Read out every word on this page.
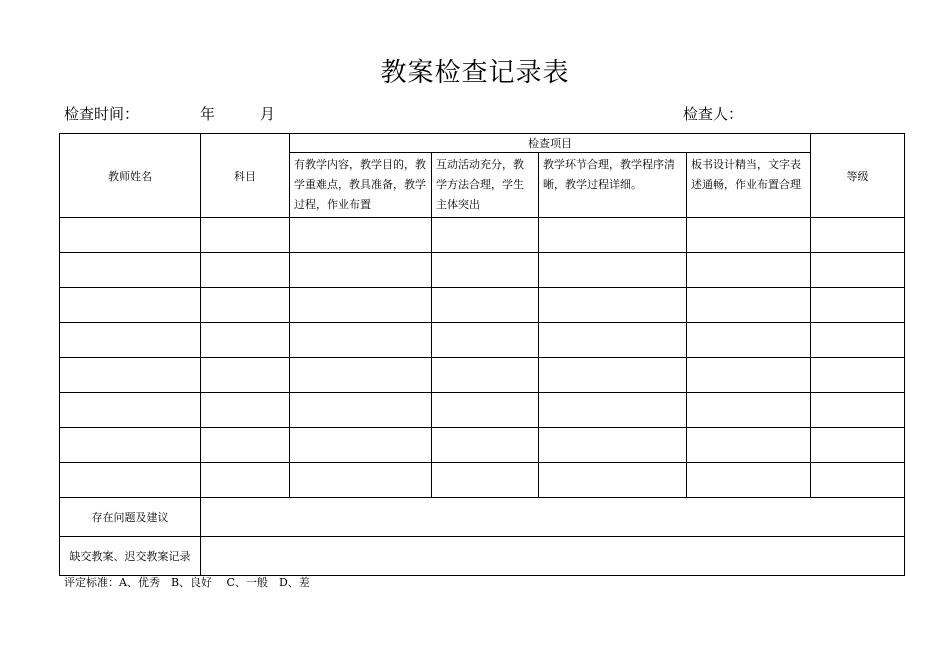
教案检查记录表
检查时间：	年	月	检查人：
教师姓名	科目	检查项目				等级
		有教学内容，教学目的，教学重难点，教具准备，教学过程，作业布置	互动活动充分，教学方法合理，学生主体突出	教学环节合理，教学程序清晰，教学过程详细。	板书设计精当，文字表述通畅，作业布置合理	

存在问题及建议						
缺交教案、迟交教案记录						
评定标准：A、优秀　B、良好　 C、一般　D、差
